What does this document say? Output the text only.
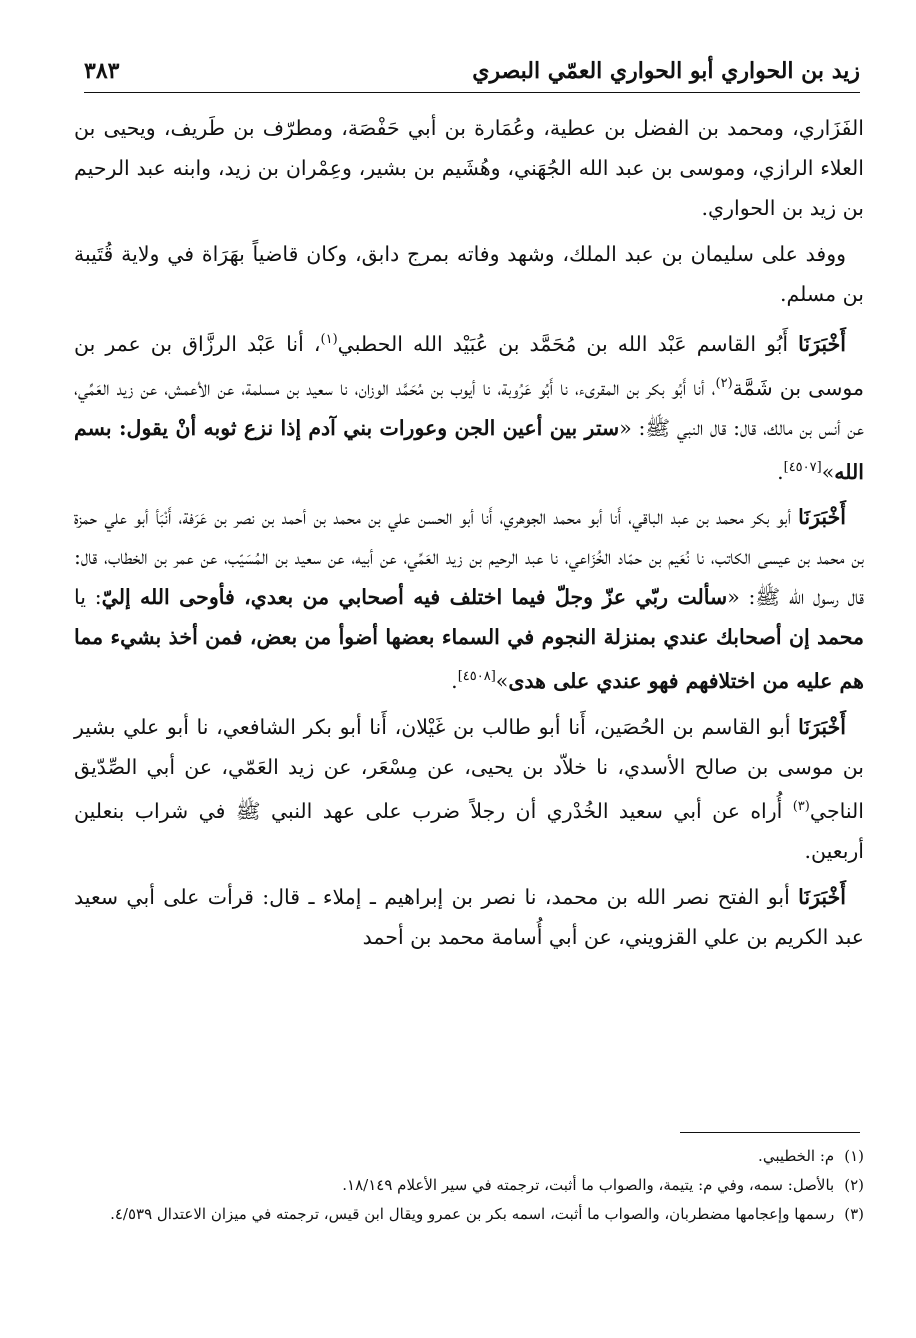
زيد بن الحواري أبو الحواري العمّي البصري
٣٨٣

الفَزَاري، ومحمد بن الفضل بن عطية، وعُمَارة بن أبي حَفْصَة، ومطرّف بن طَريف، ويحيى بن العلاء الرازي، وموسى بن عبد الله الجُهَني، وهُشَيم بن بشير، وعِمْران بن زيد، وابنه عبد الرحيم بن زيد بن الحواري.

ووفد على سليمان بن عبد الملك، وشهد وفاته بمرج دابق، وكان قاضياً بهَرَاة في ولاية قُتَيبة بن مسلم.

أَخْبَرَنَا أَبُو القاسم عَبْد الله بن مُحَمَّد بن عُبَيْد الله الحطبي$^{(١)}$، أنا عَبْد الرزَّاق بن عمر بن موسى بن شَمَّة$^{(٢)}$، أنا أَبُو بكر بن المقرىء، نا أَبُو عَرُوبة، نا أيوب بن مُحَمَّد الوزان، نا سعيد بن مسلمة، عن الأعمش، عن زيد العَمِّي، عن أنس بن مالك، قال: قال النبي ﷺ: «ستر بين أعين الجن وعورات بني آدم إذا نزع ثوبه أنْ يقول: بسم الله»[٤٥٠٧].

أَخْبَرَنَا أبو بكر محمد بن عبد الباقي، أَنا أبو محمد الجوهري، أَنا أبو الحسن علي بن محمد بن أحمد بن نصر بن عَرَفة، أَنْبَأ أبو علي حمزة بن محمد بن عيسى الكاتب، نا نُعَيم بن حمّاد الخُزَاعي، نا عبد الرحيم بن زيد العَمِّي، عن أبيه، عن سعيد بن المُسَيّب، عن عمر بن الخطاب، قال: قال رسول الله ﷺ: «سألت ربّي عزّ وجلّ فيما اختلف فيه أصحابي من بعدي، فأوحى الله إليّ: يا محمد إن أصحابك عندي بمنزلة النجوم في السماء بعضها أضوأ من بعض، فمن أخذ بشيء مما هم عليه من اختلافهم فهو عندي على هدى»[٤٥٠٨].

أَخْبَرَنَا أبو القاسم بن الحُصَين، أَنا أبو طالب بن غَيْلان، أَنا أبو بكر الشافعي، نا أبو علي بشير بن موسى بن صالح الأسدي، نا خلاّد بن يحيى، عن مِسْعَر، عن زيد العَمّي، عن أبي الصِّدّيق الناجي$^{(٣)}$ أُراه عن أبي سعيد الخُدْري أن رجلاً ضرب على عهد النبي ﷺ في شراب بنعلين أربعين.

أَخْبَرَنَا أبو الفتح نصر الله بن محمد، نا نصر بن إبراهيم ـ إملاء ـ قال: قرأت على أبي سعيد عبد الكريم بن علي القزويني، عن أبي أُسامة محمد بن أحمد

(١)
م: الخطيبي.
(٢)
بالأصل: سمه، وفي م: يتيمة، والصواب ما أثبت، ترجمته في سير الأعلام ١٨/١٤٩.
(٣)
رسمها وإعجامها مضطربان، والصواب ما أثبت، اسمه بكر بن عمرو ويقال ابن قيس، ترجمته في ميزان الاعتدال ٤/٥٣٩.
